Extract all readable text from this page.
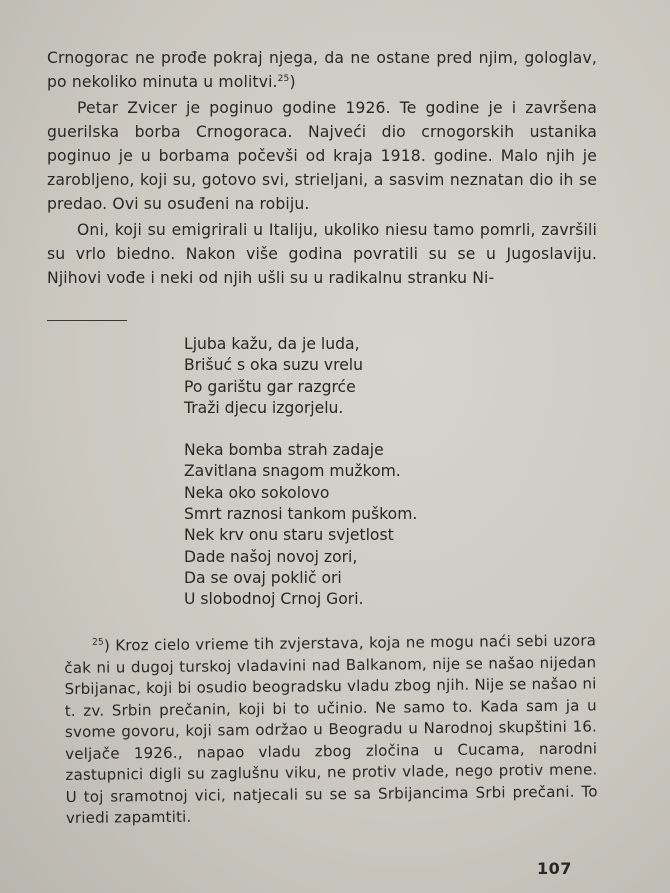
Crnogorac ne prođe pokraj njega, da ne ostane pred njim, gologlav, po nekoliko minuta u molitvi.$^{25}$)

Petar Zvicer je poginuo godine 1926. Te godine je i završena guerilska borba Crnogoraca. Najveći dio crnogorskih ustanika poginuo je u borbama počevši od kraja 1918. godine. Malo njih je zarobljeno, koji su, gotovo svi, strieljani, a sasvim neznatan dio ih se predao. Ovi su osuđeni na robiju.

Oni, koji su emigrirali u Italiju, ukoliko niesu tamo pomrli, završili su vrlo biedno. Nakon više godina povratili su se u Jugoslaviju. Njihovi vođe i neki od njih ušli su u radikalnu stranku Ni-

Ljuba kažu, da je luda,
Brišuć s oka suzu vrelu
Po garištu gar razgrće
Traži djecu izgorjelu.
Neka bomba strah zadaje
Zavitlana snagom mužkom.
Neka oko sokolovo
Smrt raznosi tankom puškom.
Nek krv onu staru svjetlost
Dade našoj novoj zori,
Da se ovaj poklič ori
U slobodnoj Crnoj Gori.

$^{25}$) Kroz cielo vrieme tih zvjerstava, koja ne mogu naći sebi uzora čak ni u dugoj turskoj vladavini nad Balkanom, nije se našao nijedan Srbijanac, koji bi osudio beogradsku vladu zbog njih. Nije se našao ni t. zv. Srbin prečanin, koji bi to učinio. Ne samo to. Kada sam ja u svome govoru, koji sam održao u Beogradu u Narodnoj skupštini 16. veljače 1926., napao vladu zbog zločina u Cucama, narodni zastupnici digli su zaglušnu viku, ne protiv vlade, nego protiv mene. U toj sramotnoj vici, natjecali su se sa Srbijancima Srbi prečani. To vriedi zapamtiti.

107
